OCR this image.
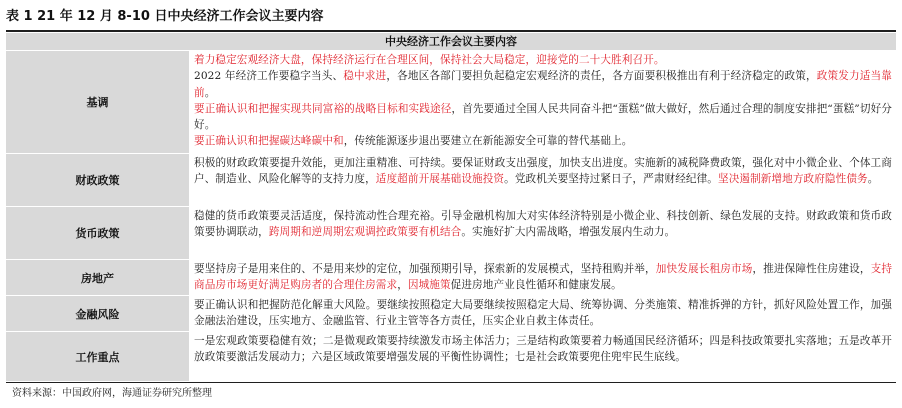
表 1 21 年 12 月 8-10 日中央经济工作会议主要内容
中央经济工作会议主要内容
基调
着力稳定宏观经济大盘，保持经济运行在合理区间，保持社会大局稳定，迎接党的二十大胜利召开。
2022 年经济工作要稳字当头、稳中求进，各地区各部门要担负起稳定宏观经济的责任，各方面要积极推出有利于经济稳定的政策，政策发力适当靠前。
要正确认识和把握实现共同富裕的战略目标和实践途径，首先要通过全国人民共同奋斗把“蛋糕”做大做好，然后通过合理的制度安排把“蛋糕”切好分好。
要正确认识和把握碳达峰碳中和，传统能源逐步退出要建立在新能源安全可靠的替代基础上。
财政政策
积极的财政政策要提升效能，更加注重精准、可持续。要保证财政支出强度，加快支出进度。实施新的减税降费政策，强化对中小微企业、个体工商户、制造业、风险化解等的支持力度，适度超前开展基础设施投资。党政机关要坚持过紧日子，严肃财经纪律。坚决遏制新增地方政府隐性债务。
货币政策
稳健的货币政策要灵活适度，保持流动性合理充裕。引导金融机构加大对实体经济特别是小微企业、科技创新、绿色发展的支持。财政政策和货币政策要协调联动，跨周期和逆周期宏观调控政策要有机结合。实施好扩大内需战略，增强发展内生动力。
房地产
要坚持房子是用来住的、不是用来炒的定位，加强预期引导，探索新的发展模式，坚持租购并举，加快发展长租房市场，推进保障性住房建设，支持商品房市场更好满足购房者的合理住房需求，因城施策促进房地产业良性循环和健康发展。
金融风险
要正确认识和把握防范化解重大风险。要继续按照稳定大局要继续按照稳定大局、统筹协调、分类施策、精准拆弹的方针，抓好风险处置工作，加强金融法治建设，压实地方、金融监管、行业主管等各方责任，压实企业自救主体责任。
工作重点
一是宏观政策要稳健有效；二是微观政策要持续激发市场主体活力；三是结构政策要着力畅通国民经济循环；四是科技政策要扎实落地；五是改革开放政策要激活发展动力；六是区域政策要增强发展的平衡性协调性；七是社会政策要兜住兜牢民生底线。
资料来源：中国政府网，海通证券研究所整理
